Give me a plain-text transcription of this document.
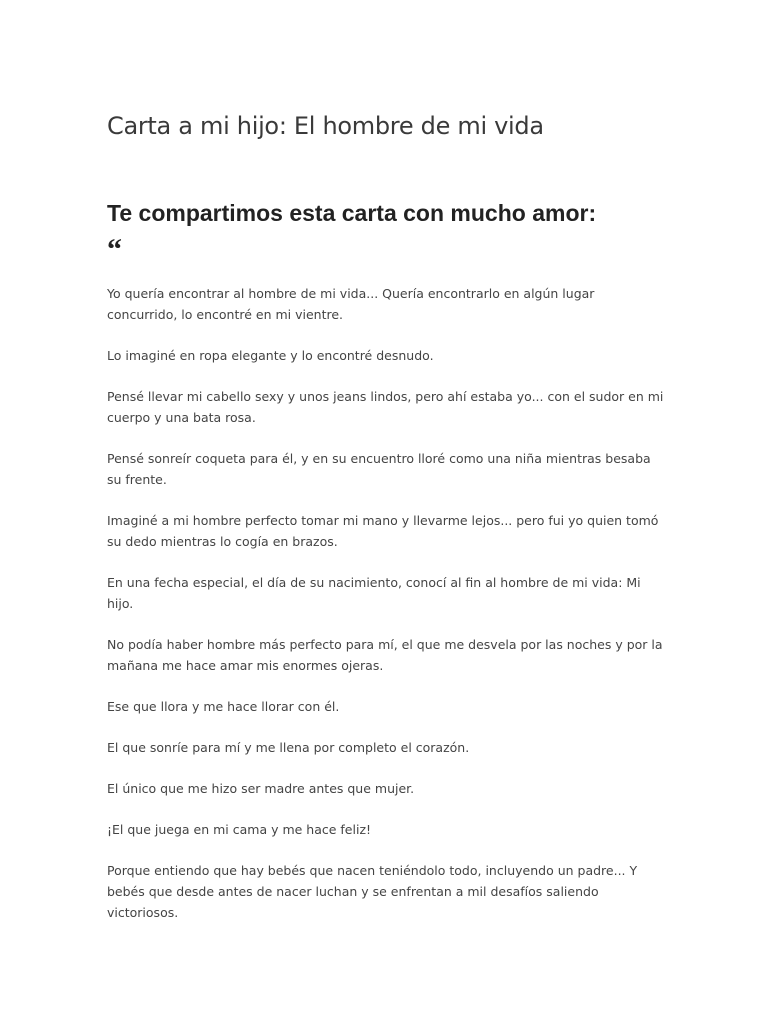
Carta a mi hijo: El hombre de mi vida
Te compartimos esta carta con mucho amor:
“

Yo quería encontrar al hombre de mi vida... Quería encontrarlo en algún lugar concurrido, lo encontré en mi vientre.

Lo imaginé en ropa elegante y lo encontré desnudo.

Pensé llevar mi cabello sexy y unos jeans lindos, pero ahí estaba yo... con el sudor en mi cuerpo y una bata rosa.

Pensé sonreír coqueta para él, y en su encuentro lloré como una niña mientras besaba su frente.

Imaginé a mi hombre perfecto tomar mi mano y llevarme lejos... pero fui yo quien tomó su dedo mientras lo cogía en brazos.

En una fecha especial, el día de su nacimiento, conocí al fin al hombre de mi vida: Mi hijo.

No podía haber hombre más perfecto para mí, el que me desvela por las noches y por la mañana me hace amar mis enormes ojeras.

Ese que llora y me hace llorar con él.

El que sonríe para mí y me llena por completo el corazón.

El único que me hizo ser madre antes que mujer.

¡El que juega en mi cama y me hace feliz!

Porque entiendo que hay bebés que nacen teniéndolo todo, incluyendo un padre... Y bebés que desde antes de nacer luchan y se enfrentan a mil desafíos saliendo victoriosos.
